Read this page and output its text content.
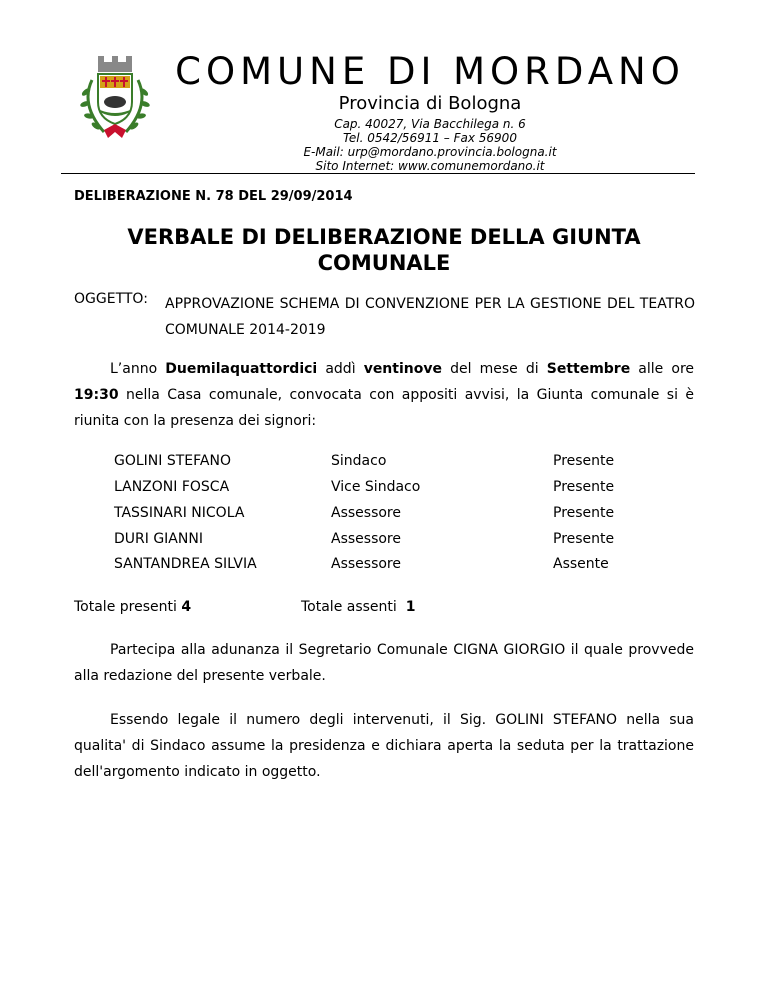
COMUNE DI MORDANO
Provincia di Bologna
Cap. 40027, Via Bacchilega n. 6
Tel. 0542/56911 – Fax 56900
E-Mail: urp@mordano.provincia.bologna.it
Sito Internet: www.comunemordano.it
DELIBERAZIONE N. 78 DEL 29/09/2014
VERBALE DI DELIBERAZIONE DELLA GIUNTA COMUNALE
OGGETTO: APPROVAZIONE SCHEMA DI CONVENZIONE PER LA GESTIONE DEL TEATRO COMUNALE 2014-2019
L’anno Duemilaquattordici addì ventinove del mese di Settembre alle ore 19:30 nella Casa comunale, convocata con appositi avvisi, la Giunta comunale si è riunita con la presenza dei signori:
GOLINI STEFANO	Sindaco	Presente
LANZONI FOSCA	Vice Sindaco	Presente
TASSINARI NICOLA	Assessore	Presente
DURI GIANNI	Assessore	Presente
SANTANDREA SILVIA	Assessore	Assente
Totale presenti 4	Totale assenti  1
Partecipa alla adunanza il Segretario Comunale CIGNA GIORGIO il quale provvede alla redazione del presente verbale.
Essendo legale il numero degli intervenuti, il Sig. GOLINI STEFANO nella sua qualita' di Sindaco assume la presidenza e dichiara aperta la seduta per la trattazione dell'argomento indicato in oggetto.
